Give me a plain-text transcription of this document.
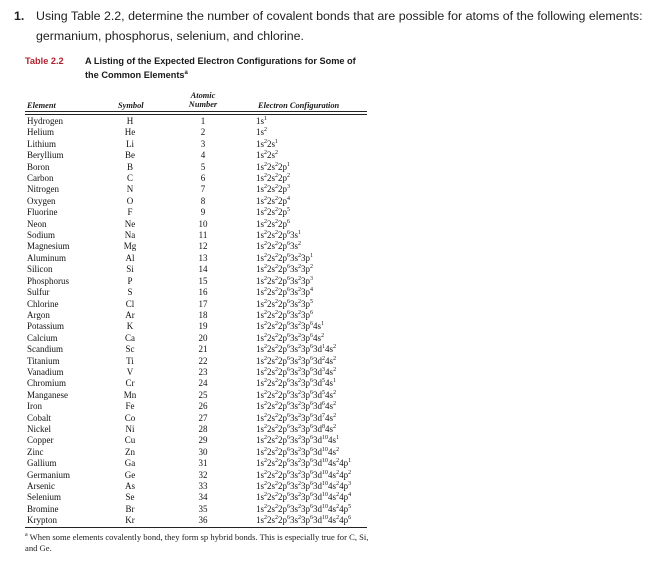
1. Using Table 2.2, determine the number of covalent bonds that are possible for atoms of the following elements: germanium, phosphorus, selenium, and chlorine.
Table 2.2 A Listing of the Expected Electron Configurations for Some of the Common Elements$^a$
Element	Symbol
Atomic Number	Electron Configuration
Hydrogen	H	1	$1s^1$
Helium	He	2	$1s^2$
Lithium	Li	3	$1s^22s^1$
Beryllium	Be	4	$1s^22s^2$
Boron	B	5	$1s^22s^22p^1$
Carbon	C	6	$1s^22s^22p^2$
Nitrogen	N	7	$1s^22s^22p^3$
Oxygen	O	8	$1s^22s^22p^4$
Fluorine	F	9	$1s^22s^22p^5$
Neon	Ne	10	$1s^22s^22p^6$
Sodium	Na	11	$1s^22s^22p^63s^1$
Magnesium	Mg	12	$1s^22s^22p^63s^2$
Aluminum	Al	13	$1s^22s^22p^63s^23p^1$
Silicon	Si	14	$1s^22s^22p^63s^23p^2$
Phosphorus	P	15	$1s^22s^22p^63s^23p^3$
Sulfur	S	16	$1s^22s^22p^63s^23p^4$
Chlorine	Cl	17	$1s^22s^22p^63s^23p^5$
Argon	Ar	18	$1s^22s^22p^63s^23p^6$
Potassium	K	19	$1s^22s^22p^63s^23p^64s^1$
Calcium	Ca	20	$1s^22s^22p^63s^23p^64s^2$
Scandium	Sc	21	$1s^22s^22p^63s^23p^63d^14s^2$
Titanium	Ti	22	$1s^22s^22p^63s^23p^63d^24s^2$
Vanadium	V	23	$1s^22s^22p^63s^23p^63d^34s^2$
Chromium	Cr	24	$1s^22s^22p^63s^23p^63d^54s^1$
Manganese	Mn	25	$1s^22s^22p^63s^23p^63d^54s^2$
Iron	Fe	26	$1s^22s^22p^63s^23p^63d^64s^2$
Cobalt	Co	27	$1s^22s^22p^63s^23p^63d^74s^2$
Nickel	Ni	28	$1s^22s^22p^63s^23p^63d^84s^2$
Copper	Cu	29	$1s^22s^22p^63s^23p^63d^{10}4s^1$
Zinc	Zn	30	$1s^22s^22p^63s^23p^63d^{10}4s^2$
Gallium	Ga	31	$1s^22s^22p^63s^23p^63d^{10}4s^24p^1$
Germanium	Ge	32	$1s^22s^22p^63s^23p^63d^{10}4s^24p^2$
Arsenic	As	33	$1s^22s^22p^63s^23p^63d^{10}4s^24p^3$
Selenium	Se	34	$1s^22s^22p^63s^23p^63d^{10}4s^24p^4$
Bromine	Br	35	$1s^22s^22p^63s^23p^63d^{10}4s^24p^5$
Krypton	Kr	36	$1s^22s^22p^63s^23p^63d^{10}4s^24p^6$
$^a$ When some elements covalently bond, they form sp hybrid bonds. This is especially true for C, Si, and Ge.
